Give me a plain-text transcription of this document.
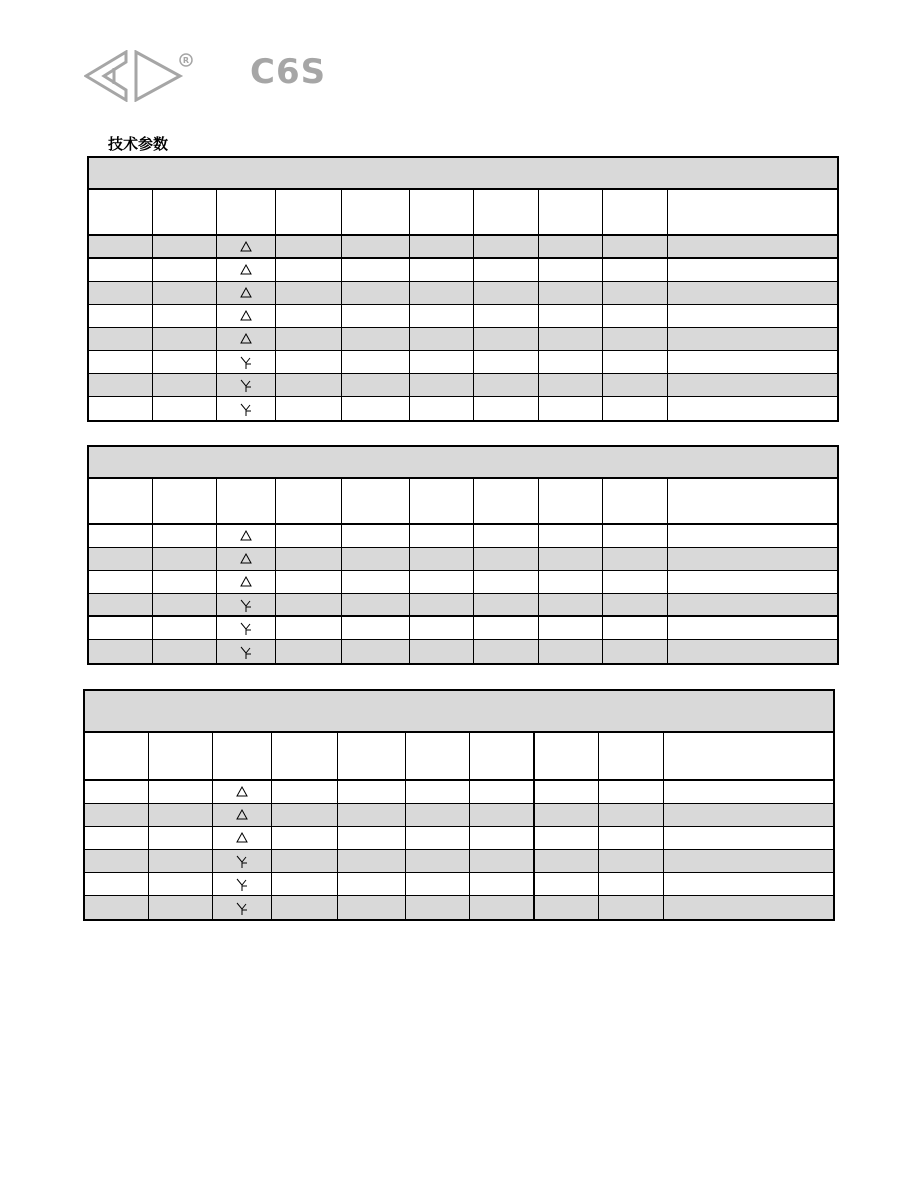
R C6S
技术参数
